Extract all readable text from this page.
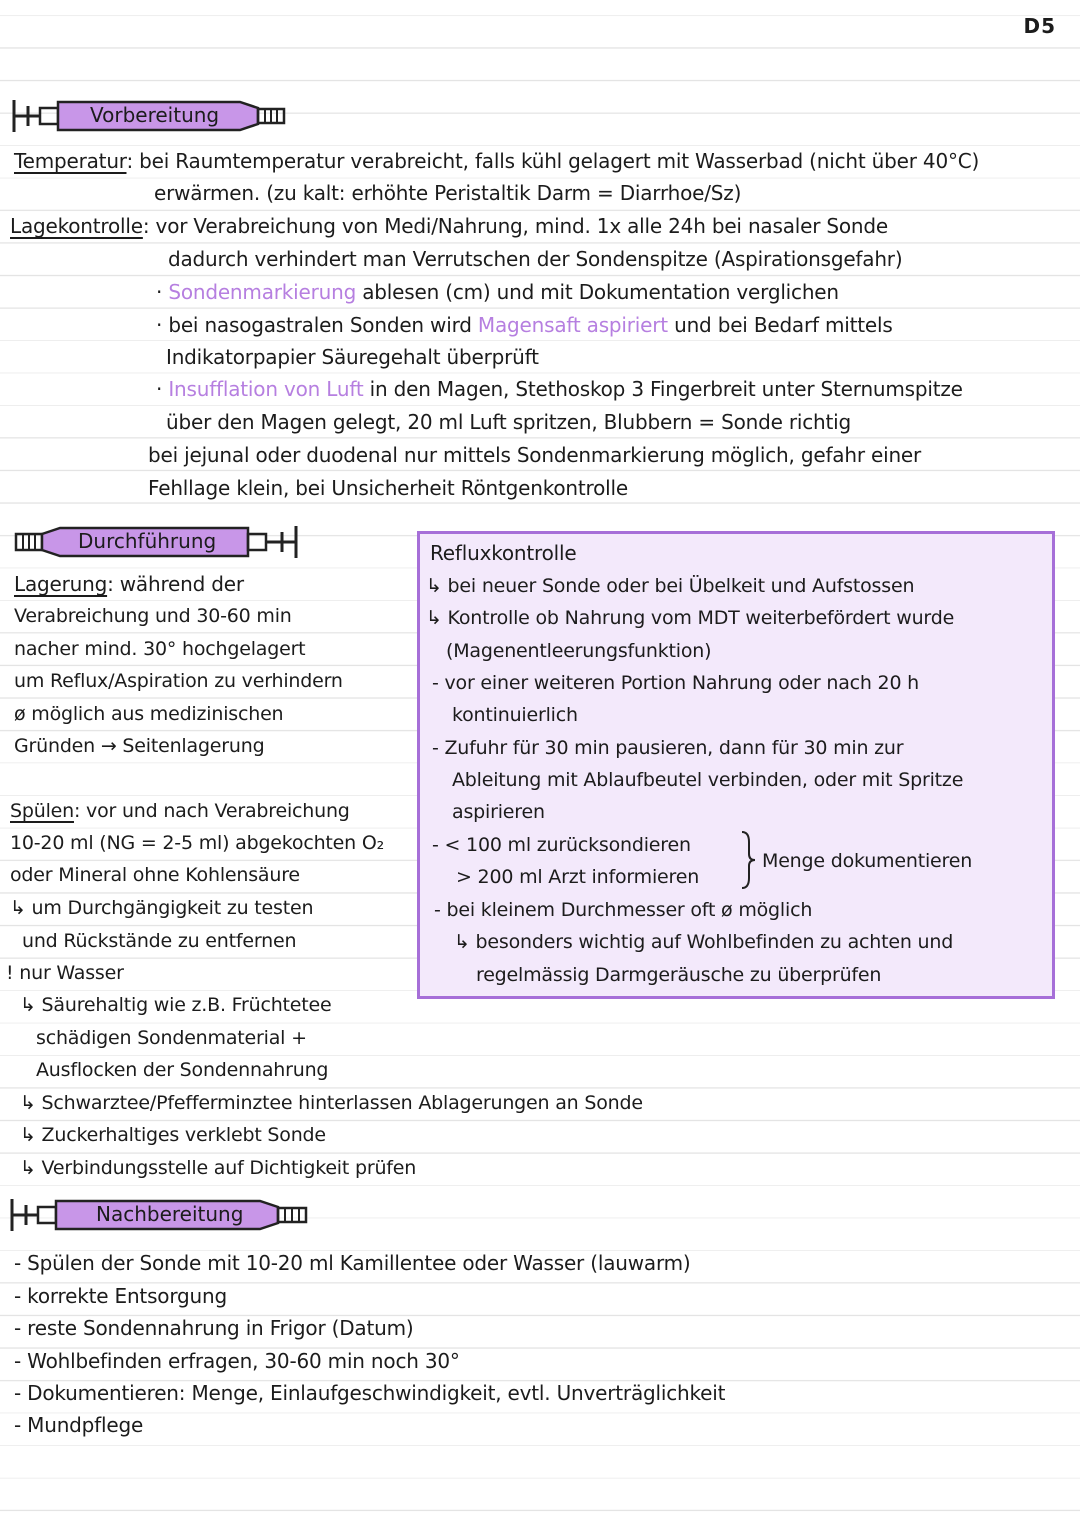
D5
Vorbereitung
Temperatur: bei Raumtemperatur verabreicht, falls kühl gelagert mit Wasserbad (nicht über 40°C)
erwärmen. (zu kalt: erhöhte Peristaltik Darm = Diarrhoe/Sz)
Lagekontrolle: vor Verabreichung von Medi/Nahrung, mind. 1x alle 24h bei nasaler Sonde
dadurch verhindert man Verrutschen der Sondenspitze (Aspirationsgefahr)
· Sondenmarkierung ablesen (cm) und mit Dokumentation verglichen
· bei nasogastralen Sonden wird Magensaft aspiriert und bei Bedarf mittels
Indikatorpapier Säuregehalt überprüft
· Insufflation von Luft in den Magen, Stethoskop 3 Fingerbreit unter Sternumspitze
über den Magen gelegt, 20 ml Luft spritzen, Blubbern = Sonde richtig
bei jejunal oder duodenal nur mittels Sondenmarkierung möglich, gefahr einer
Fehllage klein, bei Unsicherheit Röntgenkontrolle
Durchführung
Lagerung: während der
Verabreichung und 30-60 min
nacher mind. 30° hochgelagert
um Reflux/Aspiration zu verhindern
ø möglich aus medizinischen
Gründen → Seitenlagerung
Spülen: vor und nach Verabreichung
10-20 ml (NG = 2-5 ml) abgekochten O₂
oder Mineral ohne Kohlensäure
↳ um Durchgängigkeit zu testen
und Rückstände zu entfernen
! nur Wasser
↳ Säurehaltig wie z.B. Früchtetee
schädigen Sondenmaterial +
Ausflocken der Sondennahrung
↳ Schwarztee/Pfefferminztee hinterlassen Ablagerungen an Sonde
↳ Zuckerhaltiges verklebt Sonde
↳ Verbindungsstelle auf Dichtigkeit prüfen
Refluxkontrolle
↳ bei neuer Sonde oder bei Übelkeit und Aufstossen
↳ Kontrolle ob Nahrung vom MDT weiterbefördert wurde
(Magenentleerungsfunktion)
- vor einer weiteren Portion Nahrung oder nach 20 h
kontinuierlich
- Zufuhr für 30 min pausieren, dann für 30 min zur
Ableitung mit Ablaufbeutel verbinden, oder mit Spritze
aspirieren
- < 100 ml zurücksondieren
> 200 ml Arzt informieren
Menge dokumentieren
- bei kleinem Durchmesser oft ø möglich
↳ besonders wichtig auf Wohlbefinden zu achten und
regelmässig Darmgeräusche zu überprüfen
Nachbereitung
- Spülen der Sonde mit 10-20 ml Kamillentee oder Wasser (lauwarm)
- korrekte Entsorgung
- reste Sondennahrung in Frigor (Datum)
- Wohlbefinden erfragen, 30-60 min noch 30°
- Dokumentieren: Menge, Einlaufgeschwindigkeit, evtl. Unverträglichkeit
- Mundpflege
